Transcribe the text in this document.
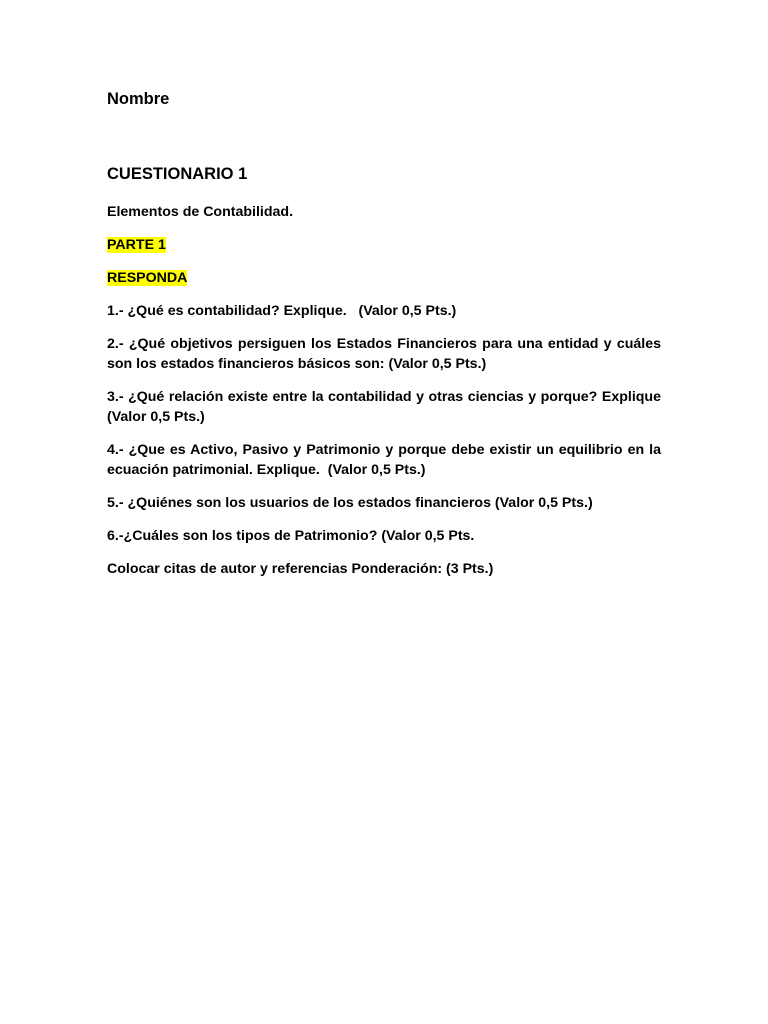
Nombre
CUESTIONARIO 1

Elementos de Contabilidad.

PARTE 1

RESPONDA

1.- ¿Qué es contabilidad? Explique.   (Valor 0,5 Pts.)

2.- ¿Qué objetivos persiguen los Estados Financieros para una entidad y cuáles son los estados financieros básicos son: (Valor 0,5 Pts.)

3.- ¿Qué relación existe entre la contabilidad y otras ciencias y porque? Explique (Valor 0,5 Pts.)

4.- ¿Que es Activo, Pasivo y Patrimonio y porque debe existir un equilibrio en la ecuación patrimonial. Explique.  (Valor 0,5 Pts.)

5.- ¿Quiénes son los usuarios de los estados financieros (Valor 0,5 Pts.)

6.-¿Cuáles son los tipos de Patrimonio? (Valor 0,5 Pts.

Colocar citas de autor y referencias Ponderación: (3 Pts.)
